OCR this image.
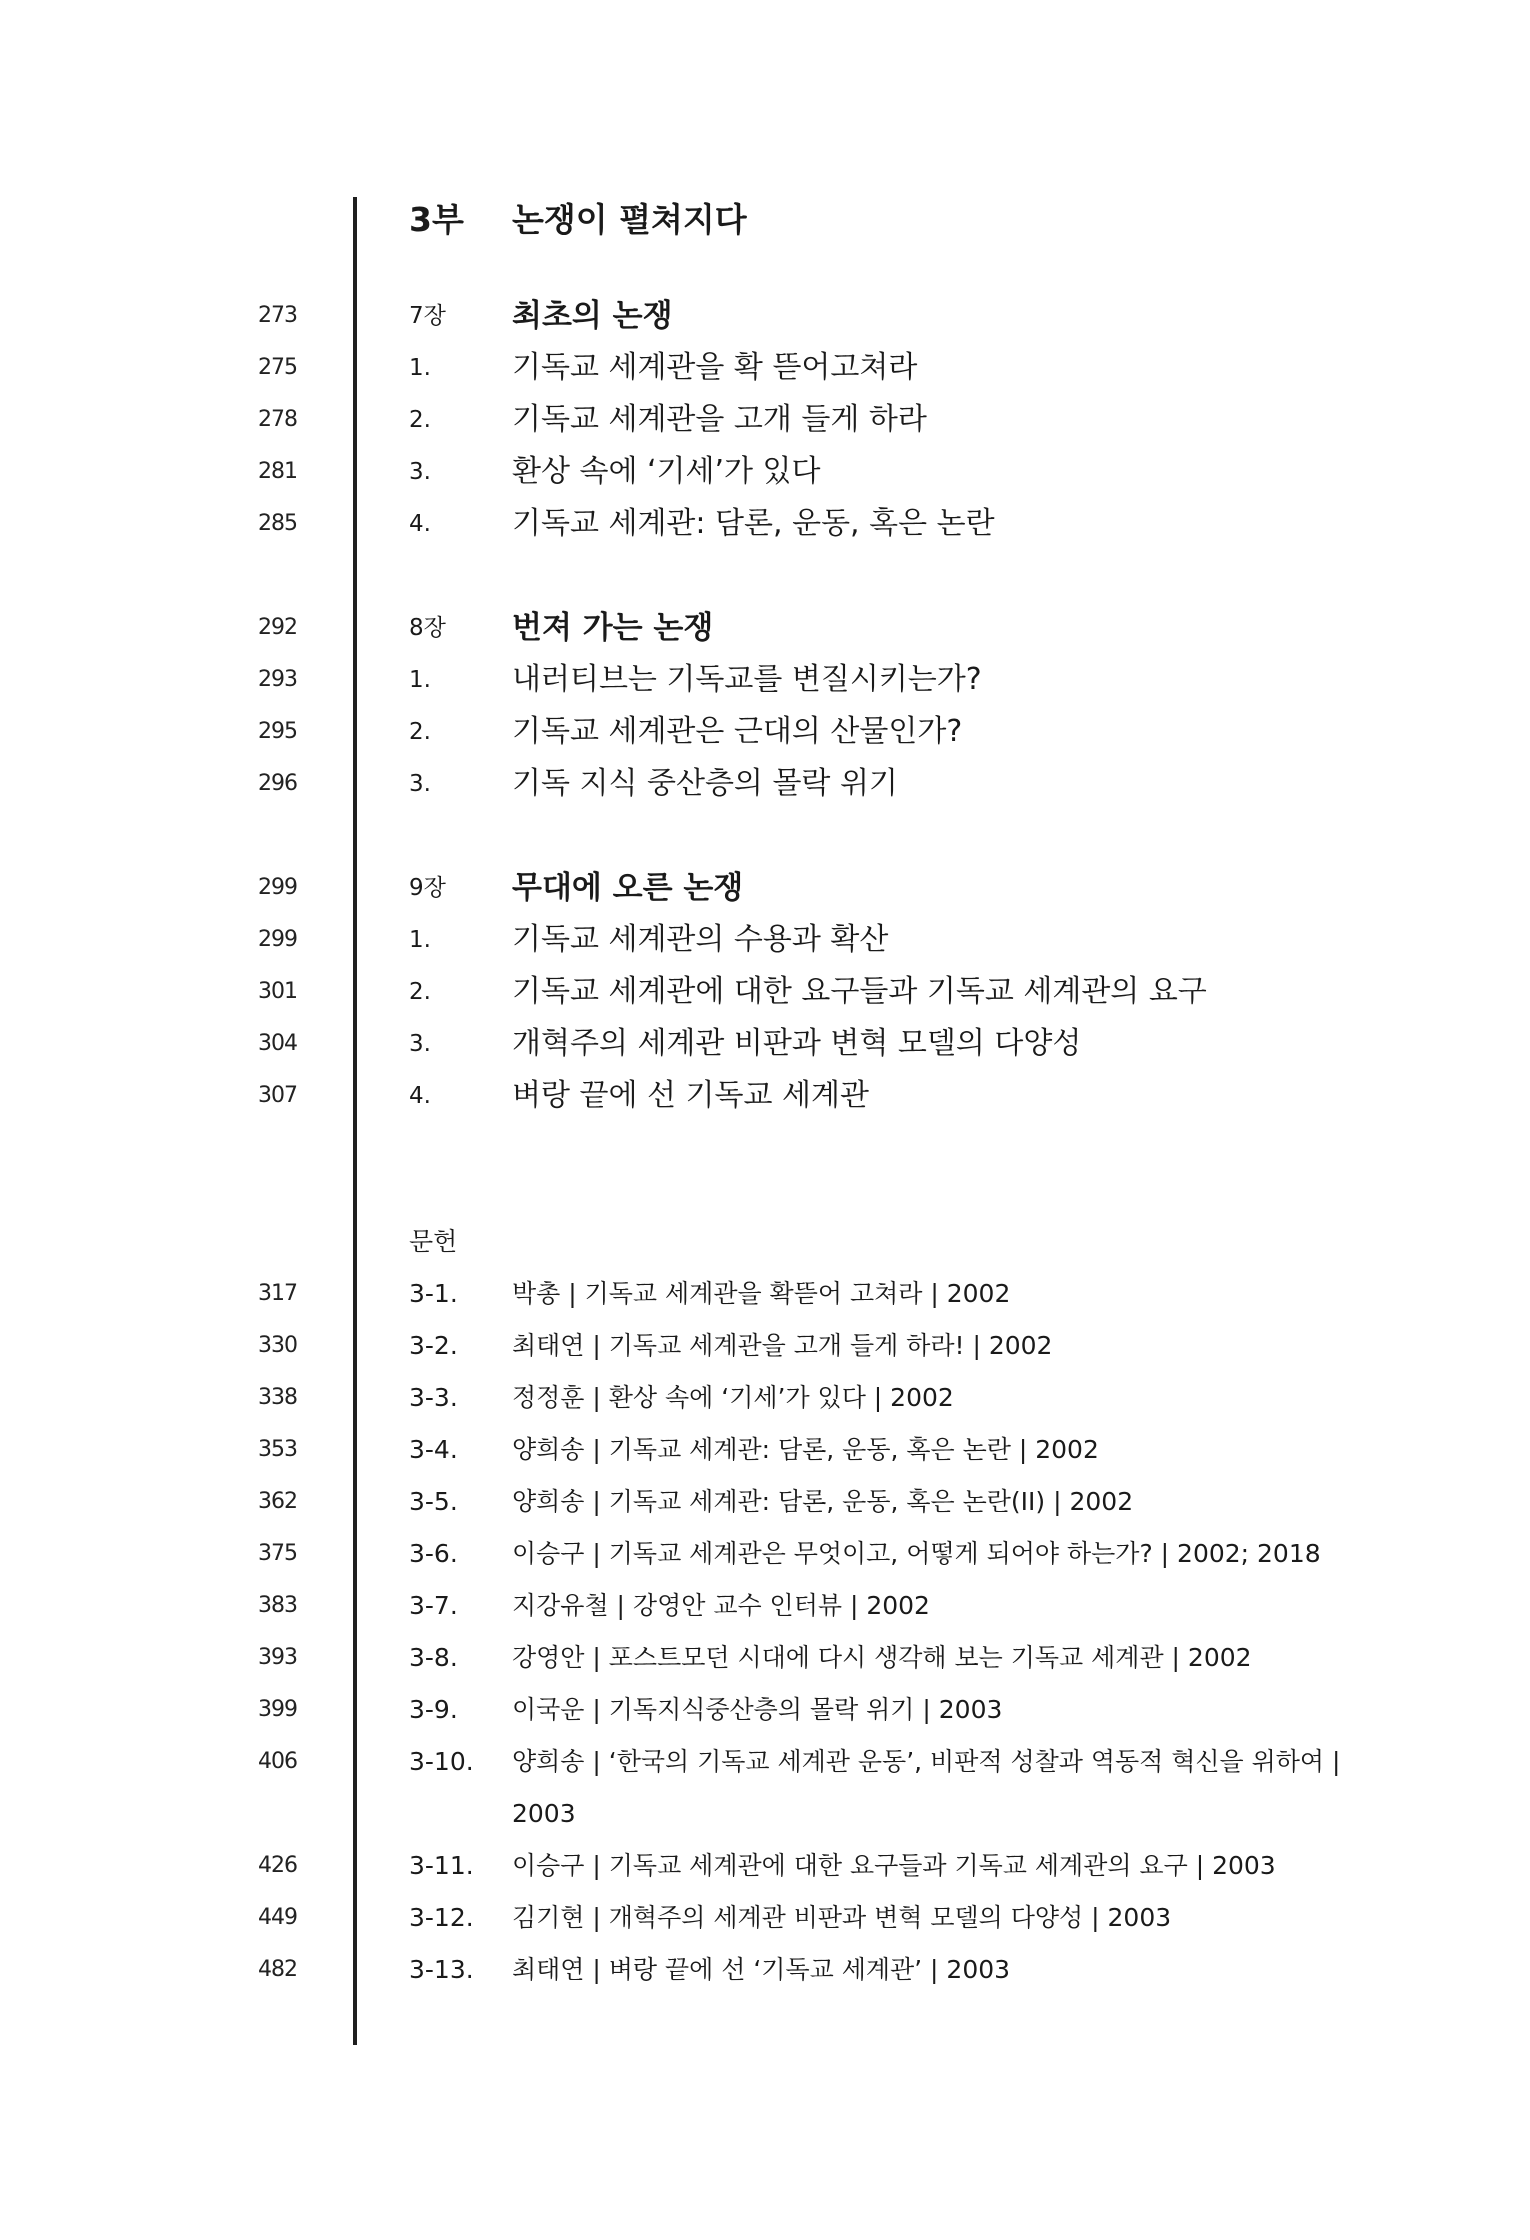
3부 논쟁이 펼쳐지다
273	7장 최초의 논쟁
275	1.	기독교 세계관을 확 뜯어고쳐라
278	2.	기독교 세계관을 고개 들게 하라
281	3.	환상 속에 ‘기세’가 있다
285	4.	기독교 세계관: 담론, 운동, 혹은 논란
292	8장 번져 가는 논쟁
293	1.	내러티브는 기독교를 변질시키는가?
295	2.	기독교 세계관은 근대의 산물인가?
296	3.	기독 지식 중산층의 몰락 위기
299	9장 무대에 오른 논쟁
299	1.	기독교 세계관의 수용과 확산
301	2.	기독교 세계관에 대한 요구들과 기독교 세계관의 요구
304	3.	개혁주의 세계관 비판과 변혁 모델의 다양성
307	4.	벼랑 끝에 선 기독교 세계관
문헌
317	3-1. 박총 | 기독교 세계관을 확뜯어 고쳐라 | 2002
330	3-2. 최태연 | 기독교 세계관을 고개 들게 하라! | 2002
338	3-3. 정정훈 | 환상 속에 ‘기세’가 있다 | 2002
353	3-4. 양희송 | 기독교 세계관: 담론, 운동, 혹은 논란 | 2002
362	3-5. 양희송 | 기독교 세계관: 담론, 운동, 혹은 논란(II) | 2002
375	3-6. 이승구 | 기독교 세계관은 무엇이고, 어떻게 되어야 하는가? | 2002; 2018
383	3-7. 지강유철 | 강영안 교수 인터뷰 | 2002
393	3-8. 강영안 | 포스트모던 시대에 다시 생각해 보는 기독교 세계관 | 2002
399	3-9. 이국운 | 기독지식중산층의 몰락 위기 | 2003
406	3-10. 양희송 | ‘한국의 기독교 세계관 운동’, 비판적 성찰과 역동적 혁신을 위하여 |
2003
426	3-11. 이승구 | 기독교 세계관에 대한 요구들과 기독교 세계관의 요구 | 2003
449	3-12. 김기현 | 개혁주의 세계관 비판과 변혁 모델의 다양성 | 2003
482	3-13. 최태연 | 벼랑 끝에 선 ‘기독교 세계관’ | 2003
